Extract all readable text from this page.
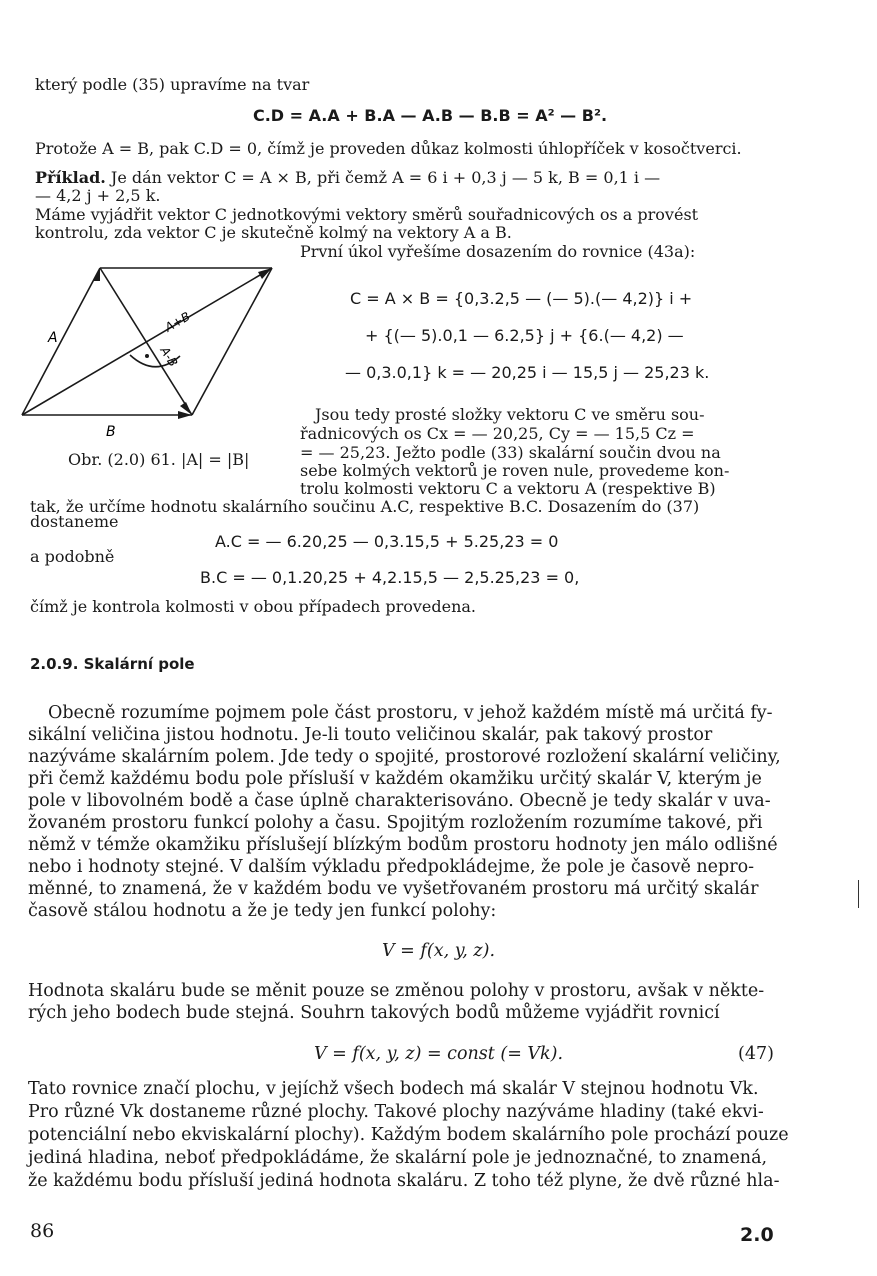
který podle (35) upravíme na tvar
C.D = A.A + B.A — A.B — B.B = A² — B².
Protože A = B, pak C.D = 0, čímž je proveden důkaz kolmosti úhlopříček v kosočtverci.
Příklad. Je dán vektor C = A × B, při čemž A = 6 i + 0,3 j — 5 k, B = 0,1 i —
— 4,2 j + 2,5 k.
Máme vyjádřit vektor C jednotkovými vektory směrů souřadnicových os a provést
kontrolu, zda vektor C je skutečně kolmý na vektory A a B.
První úkol vyřešíme dosazením do rovnice (43a):
A
B
A+B
A-B
C = A × B = {0,3.2,5 — (— 5).(— 4,2)} i +
+ {(— 5).0,1 — 6.2,5} j + {6.(— 4,2) —
— 0,3.0,1} k = — 20,25 i — 15,5 j — 25,23 k.
Jsou tedy prosté složky vektoru C ve směru sou-
řadnicových os Cx = — 20,25, Cy = — 15,5 Cz =
= — 25,23. Ježto podle (33) skalární součin dvou na
sebe kolmých vektorů je roven nule, provedeme kon-
trolu kolmosti vektoru C a vektoru A (respektive B)
Obr. (2.0) 61. |A| = |B|
tak, že určíme hodnotu skalárního součinu A.C, respektive B.C. Dosazením do (37)
dostaneme
A.C = — 6.20,25 — 0,3.15,5 + 5.25,23 = 0
a podobně
B.C = — 0,1.20,25 + 4,2.15,5 — 2,5.25,23 = 0,
čímž je kontrola kolmosti v obou případech provedena.
2.0.9. Skalární pole
Obecně rozumíme pojmem pole část prostoru, v jehož každém místě má určitá fy-
sikální veličina jistou hodnotu. Je-li touto veličinou skalár, pak takový prostor
nazýváme skalárním polem. Jde tedy o spojité, prostorové rozložení skalární veličiny,
při čemž každému bodu pole přísluší v každém okamžiku určitý skalár V, kterým je
pole v libovolném bodě a čase úplně charakterisováno. Obecně je tedy skalár v uva-
žovaném prostoru funkcí polohy a času. Spojitým rozložením rozumíme takové, při
němž v témže okamžiku příslušejí blízkým bodům prostoru hodnoty jen málo odlišné
nebo i hodnoty stejné. V dalším výkladu předpokládejme, že pole je časově nepro-
měnné, to znamená, že v každém bodu ve vyšetřovaném prostoru má určitý skalár
časově stálou hodnotu a že je tedy jen funkcí polohy:
V = f(x, y, z).
Hodnota skaláru bude se měnit pouze se změnou polohy v prostoru, avšak v někte-
rých jeho bodech bude stejná. Souhrn takových bodů můžeme vyjádřit rovnicí
V = f(x, y, z) = const (= Vk).	(47)
Tato rovnice značí plochu, v jejíchž všech bodech má skalár V stejnou hodnotu Vk.
Pro různé Vk dostaneme různé plochy. Takové plochy nazýváme hladiny (také ekvi-
potenciální nebo ekviskalární plochy). Každým bodem skalárního pole prochází pouze
jediná hladina, neboť předpokládáme, že skalární pole je jednoznačné, to znamená,
že každému bodu přísluší jediná hodnota skaláru. Z toho též plyne, že dvě různé hla-
86	2.0
